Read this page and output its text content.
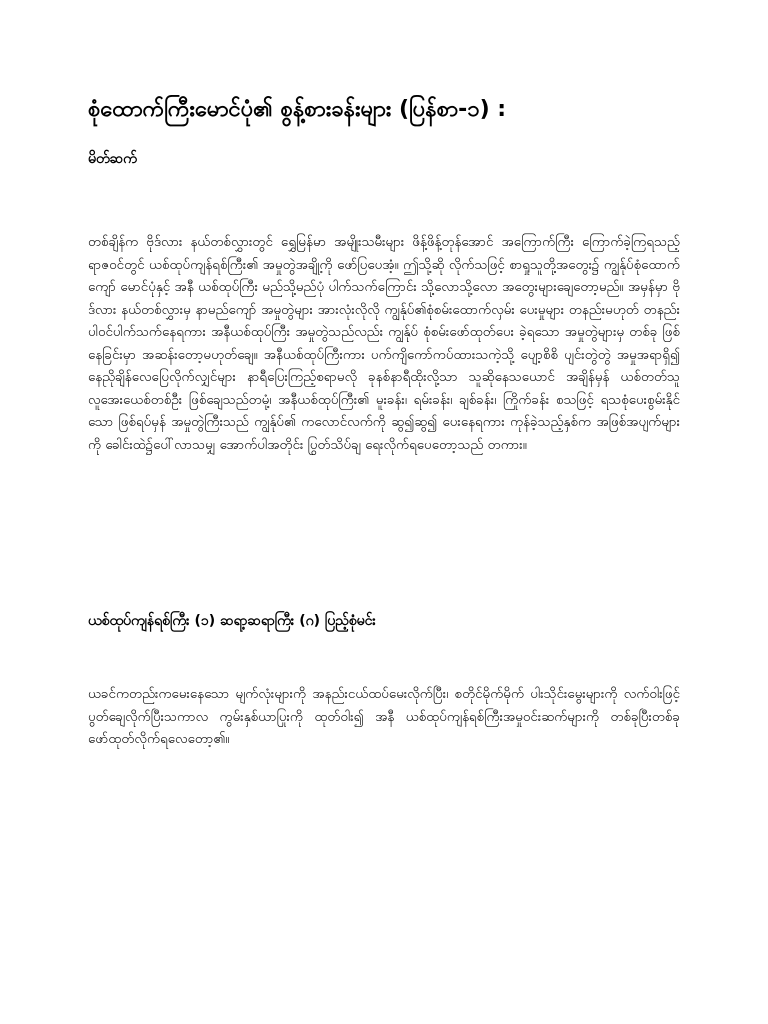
စုံထောက်ကြီးမောင်ပုံ၏ စွန့်စားခန်းများ (ပြန်စာ-၁) :
မိတ်ဆက်
တစ်ချိန်က ဗိုဒ်လား နယ်တစ်လွှားတွင် ရွှေမြန်မာ အမျိုးသမီးများ ဖိန့်ဖိန့်တုန်အောင် အကြောက်ကြီး ကြောက်ခဲ့ကြရသည့် ရာဇဝင်တွင် ယစ်ထုပ်ကျန်ရစ်ကြီး၏ အမှုတွဲအချို့ကို ဖော်ပြပေအံ့။ ဤသို့ဆို လိုက်သဖြင့် စာရှုသူတို့အတွေး၌ ကျွန်ုပ်စုံထောက်ကျော် မောင်ပုံနှင့် အနီ ယစ်ထုပ်ကြီး မည်သို့မည်ပုံ ပါက်သက်ကြောင်း သို့လောသို့လော အတွေးများချေတော့မည်။ အမှန်မှာ ဗိုဒ်လား နယ်တစ်လွှားမှ နာမည်ကျော် အမှုတွဲများ အားလုံးလိုလို ကျွန်ုပ်၏စုံစမ်းထောက်လှမ်း ပေးမှုများ တနည်းမဟုတ် တနည်း ပါဝင်ပါက်သက်နေရကား အနီယစ်ထုပ်ကြီး အမှုတွဲသည်လည်း ကျွန်ုပ် စုံစမ်းဖော်ထုတ်ပေး ခဲ့ရသော အမှုတွဲများမှ တစ်ခု ဖြစ်နေခြင်းမှာ အဆန်းတော့မဟုတ်ချေ။ အနီယစ်ထုပ်ကြီးကား ပက်ကျိကော်ကပ်ထားသကဲ့သို့ ပျော့စိစိ ပျင်းတွဲတွဲ အမှုအရာရှိ၍ နေညိုချိန်လေပြေလိုက်လျှင်များ နာရီပြေးကြည့်စရာမလို ခုနစ်နာရီထိုးလို့သာ သူဆိုနေသယောင် အချိန်မှန် ယစ်တတ်သူ လူအေးယေစ်တစ်ဦး ဖြစ်ချေသည်တမုံ့၊ အနီယစ်ထုပ်ကြီး၏ မူးခန်း၊ ရမ်းခန်း၊ ချစ်ခန်း၊ ကြိုက်ခန်း စသဖြင့် ရသစုံပေးစွမ်းနိုင်သော ဖြစ်ရပ်မှန် အမှုတွဲကြီးသည် ကျွန်ုပ်၏ ကလောင်လက်ကို ဆွ၍ဆွ၍ ပေးနေရကား ကုန်ခဲ့သည့်နှစ်က အဖြစ်အပျက်များကို ခေါင်းထဲ၌ပေါ်လာသမျှ အောက်ပါအတိုင်း ပြွတ်သိပ်ချ ရေးလိုက်ရပေတော့သည် တကား။
ယစ်ထုပ်ကျန်ရစ်ကြီး (၁) ဆရာ့ဆရာကြီး (ဂ) ပြည့်စုံမင်း
ယခင်ကတည်းကမေးနေသော မျက်လုံးများကို အနည်းငယ်ထပ်မေးလိုက်ပြီး၊ စတိုင်မိုက်မိုက် ပါးသိုင်းမွေးများကို လက်ဝါးဖြင့်ပွတ်ချေလိုက်ပြီးသကာလ ကွမ်းနှစ်ယာပြုးကို ထုတ်ဝါး၍ အနီ ယစ်ထုပ်ကျန်ရစ်ကြီးအမှုဝင်းဆက်များကို တစ်ခုပြီးတစ်ခု ဖော်ထုတ်လိုက်ရလေတော့၏။
